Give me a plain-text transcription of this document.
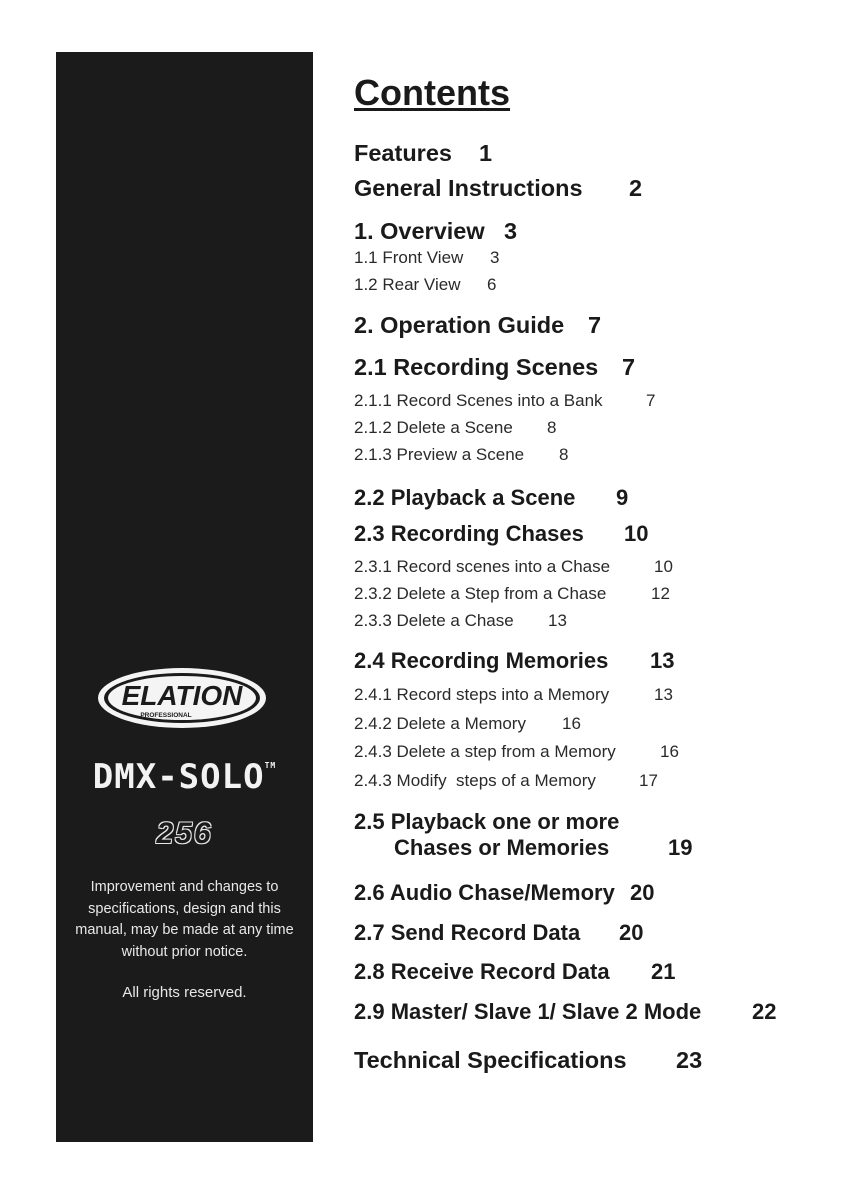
ELATION
PROFESSIONAL
DMX-SOLO™
256
Improvement and changes to
specifications, design and this
manual, may be made at any time
without prior notice.
All rights reserved.
Contents
Features 1
General Instructions 2
1. Overview 3
1.1 Front View 3
1.2 Rear View 6
2. Operation Guide 7
2.1 Recording Scenes 7
2.1.1 Record Scenes into a Bank	7
2.1.2 Delete a Scene 8
2.1.3 Preview a Scene 8
2.2 Playback a Scene 9
2.3 Recording Chases 10
2.3.1 Record scenes into a Chase	10
2.3.2 Delete a Step from a Chase	12
2.3.3 Delete a Chase 13
2.4 Recording Memories 13
2.4.1 Record steps into a Memory	13
2.4.2 Delete a Memory 16
2.4.3 Delete a step from a Memory	16
2.4.3 Modify  steps of a Memory	17
2.5 Playback one or more
Chases or Memories	19
2.6 Audio Chase/Memory 20
2.7 Send Record Data 20
2.8 Receive Record Data 21
2.9 Master/ Slave 1/ Slave 2 Mode 22
Technical Specifications 23
